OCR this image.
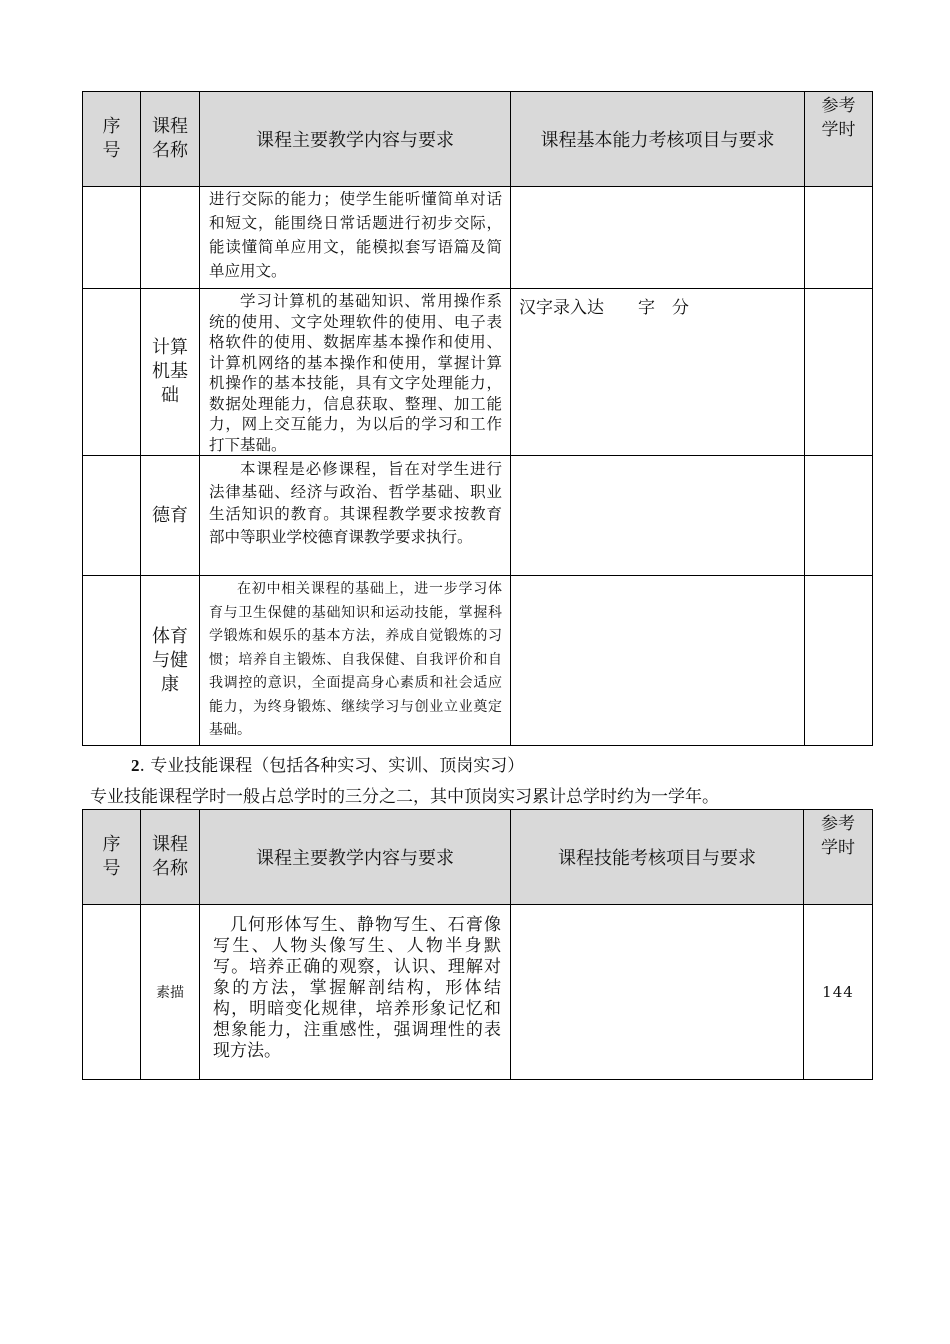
序号	课程名称	课程主要教学内容与要求	课程基本能力考核项目与要求	参考学时

		进行交际的能力；使学生能听懂简单对话和短文，能围绕日常话题进行初步交际，能读懂简单应用文，能模拟套写语篇及简单应用文。		

	计算机基础	学习计算机的基础知识、常用操作系统的使用、文字处理软件的使用、电子表格软件的使用、数据库基本操作和使用、计算机网络的基本操作和使用，掌握计算机操作的基本技能，具有文字处理能力，数据处理能力，信息获取、整理、加工能力，网上交互能力，为以后的学习和工作打下基础。	汉字录入达　　字　分	
	德育	本课程是必修课程，旨在对学生进行法律基础、经济与政治、哲学基础、职业生活知识的教育。其课程教学要求按教育部中等职业学校德育课教学要求执行。		

	体育与健康	在初中相关课程的基础上，进一步学习体育与卫生保健的基础知识和运动技能，掌握科学锻炼和娱乐的基本方法，养成自觉锻炼的习惯；培养自主锻炼、自我保健、自我评价和自我调控的意识，全面提高身心素质和社会适应能力，为终身锻炼、继续学习与创业立业奠定基础。		

2. 专业技能课程（包括各种实习、实训、顶岗实习）
专业技能课程学时一般占总学时的三分之二，其中顶岗实习累计总学时约为一学年。
序号	课程名称	课程主要教学内容与要求	课程技能考核项目与要求	参考学时
	素描	几何形体写生、静物写生、石膏像写生、人物头像写生、人物半身默写。培养正确的观察，认识、理解对象的方法，掌握解剖结构，形体结构，明暗变化规律，培养形象记忆和想象能力，注重感性，强调理性的表现方法。		144
